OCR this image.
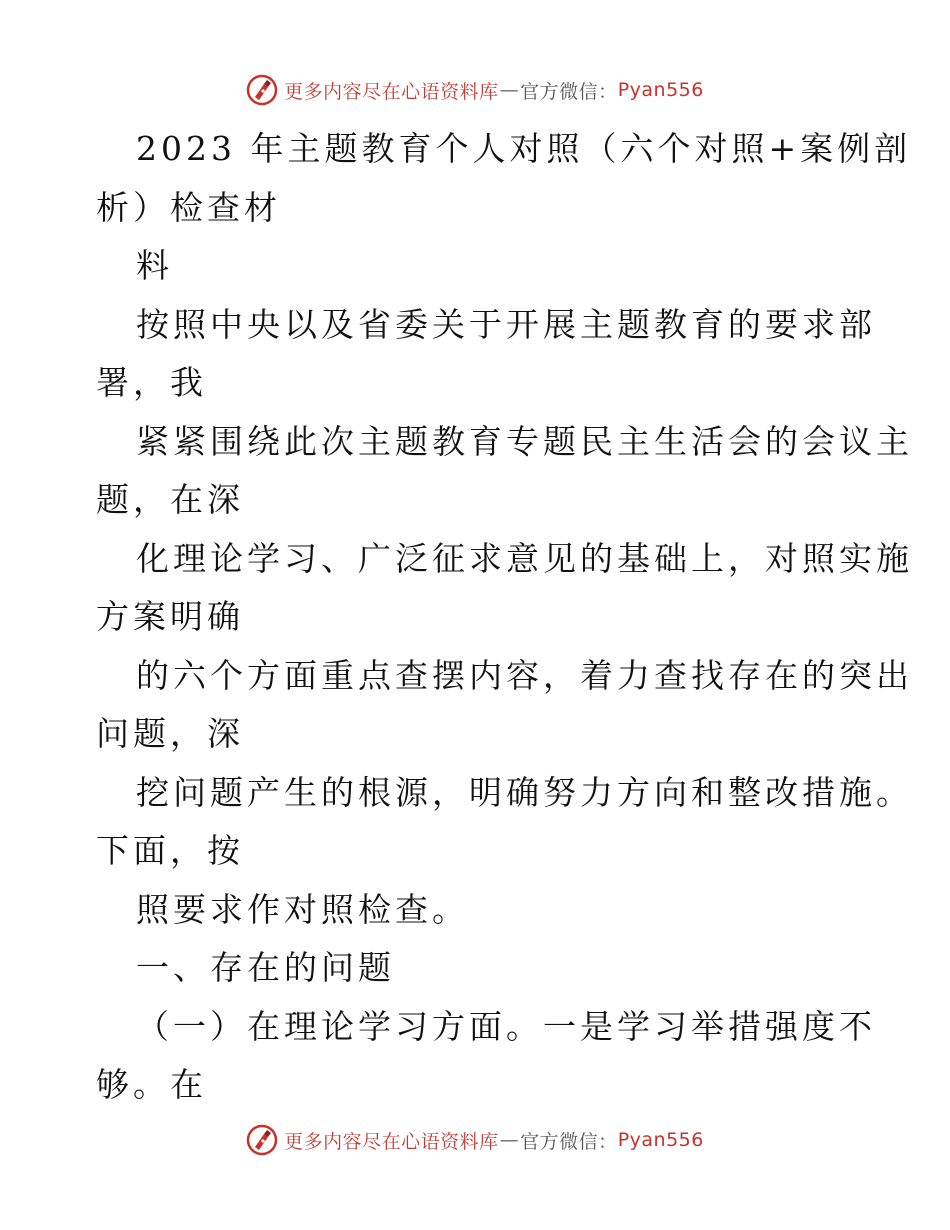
更多内容尽在心语资料库 — 官方微信： Pyan556
2023 年主题教育个人对照（六个对照+案例剖
析）检查材
料
按照中央以及省委关于开展主题教育的要求部
署，我
紧紧围绕此次主题教育专题民主生活会的会议主
题，在深
化理论学习、广泛征求意见的基础上，对照实施
方案明确
的六个方面重点查摆内容，着力查找存在的突出
问题，深
挖问题产生的根源，明确努力方向和整改措施。
下面，按
照要求作对照检查。
一、存在的问题
（一）在理论学习方面。一是学习举措强度不
够。在
更多内容尽在心语资料库 — 官方微信： Pyan556
